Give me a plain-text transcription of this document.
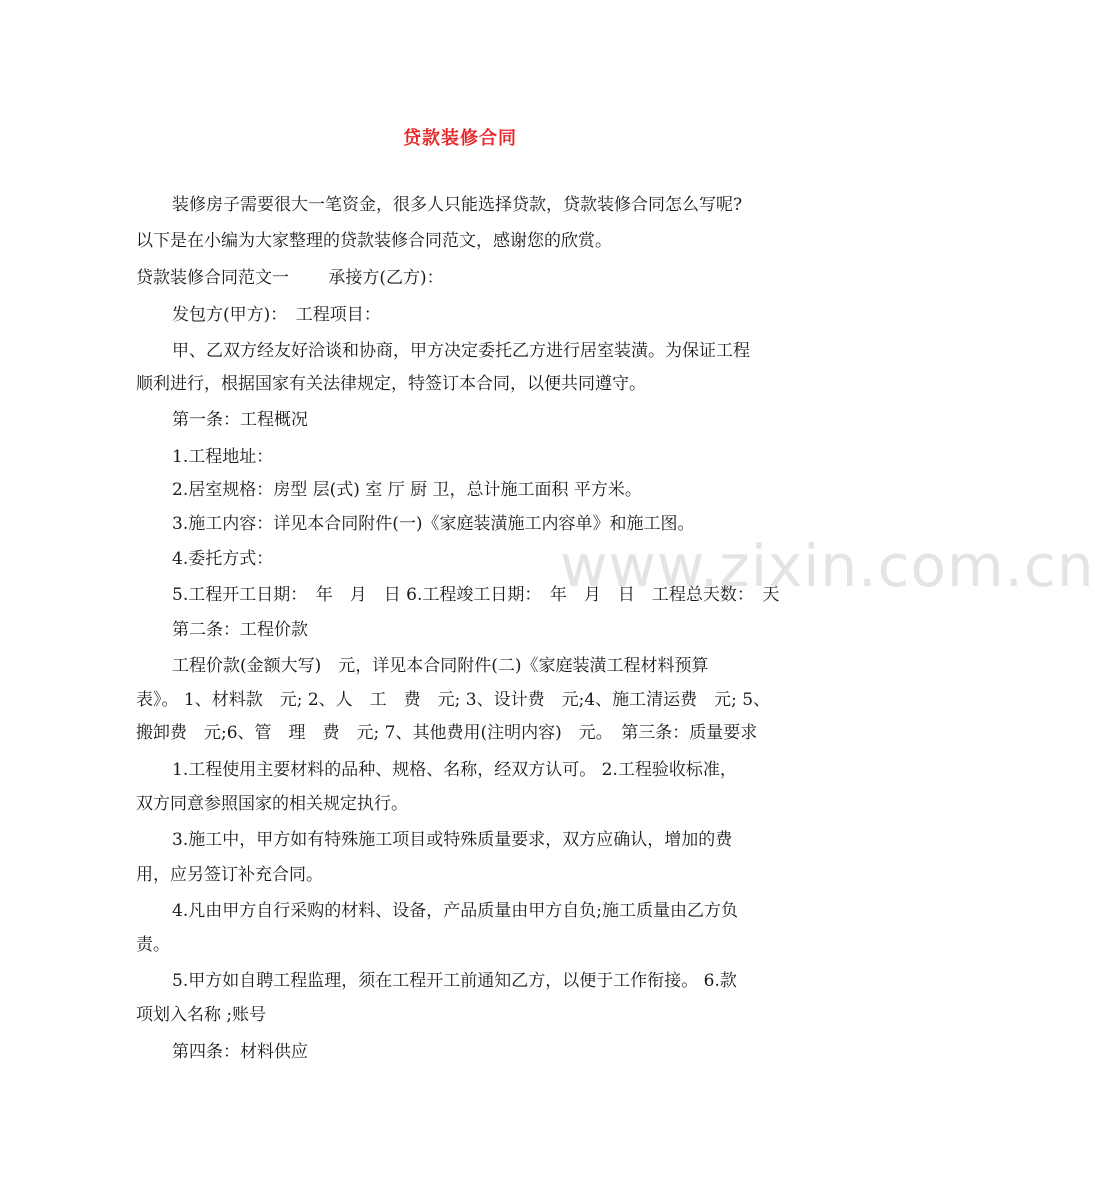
www.zixin.com.cn
贷款装修合同
装修房子需要很大一笔资金，很多人只能选择贷款，贷款装修合同怎么写呢?
以下是在小编为大家整理的贷款装修合同范文，感谢您的欣赏。
贷款装修合同范文一　　 承接方(乙方)：
发包方(甲方)：　工程项目：
甲、乙双方经友好洽谈和协商，甲方决定委托乙方进行居室装潢。为保证工程
顺利进行，根据国家有关法律规定，特签订本合同，以便共同遵守。
第一条：工程概况
1.工程地址：
2.居室规格：房型 层(式) 室 厅 厨 卫，总计施工面积 平方米。
3.施工内容：详见本合同附件(一)《家庭装潢施工内容单》和施工图。
4.委托方式：
5.工程开工日期：　年　月　日 6.工程竣工日期：　年　月　日　工程总天数：　天
第二条：工程价款
工程价款(金额大写)　元，详见本合同附件(二)《家庭装潢工程材料预算
表》。 1、材料款　元; 2、人　工　费　元; 3、设计费　元;4、施工清运费　元; 5、
搬卸费　元;6、管　理　费　元; 7、其他费用(注明内容)　元。　第三条：质量要求
1.工程使用主要材料的品种、规格、名称，经双方认可。 2.工程验收标准，
双方同意参照国家的相关规定执行。
3.施工中，甲方如有特殊施工项目或特殊质量要求，双方应确认，增加的费
用，应另签订补充合同。
4.凡由甲方自行采购的材料、设备，产品质量由甲方自负;施工质量由乙方负
责。
5.甲方如自聘工程监理，须在工程开工前通知乙方，以便于工作衔接。 6.款
项划入名称 ;账号
第四条：材料供应
